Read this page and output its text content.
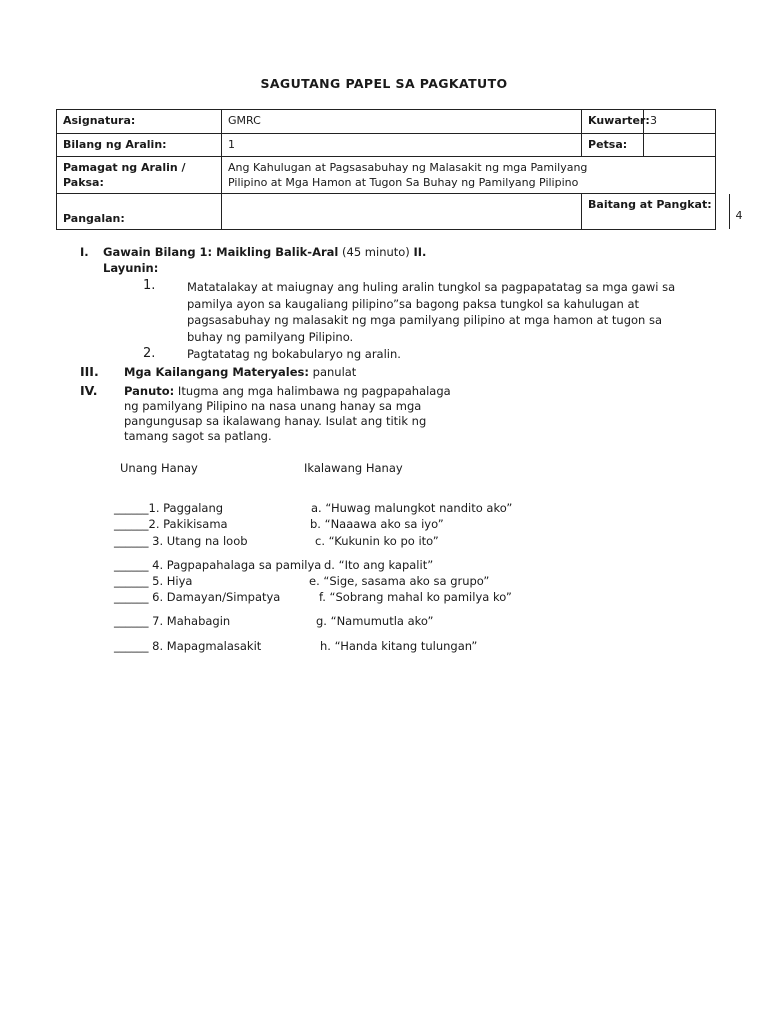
SAGUTANG PAPEL SA PAGKATUTO
Asignatura:	GMRC	Kuwarter:	3
Bilang ng Aralin:	1	Petsa:	
Pamagat ng Aralin / Paksa:	
Ang Kahulugan at Pagsasabuhay ng Malasakit ng mga Pamilyang
Pilipino at Mga Hamon at Tugon Sa Buhay ng Pamilyang Pilipino

Pangalan:		
Baitang at Pangkat:	4
I. Gawain Bilang 1: Maikling Balik-Aral (45 minuto) II.
Layunin:
1.	Matatalakay at maiugnay ang huling aralin tungkol sa pagpapatatag sa mga gawi sa pamilya ayon sa kaugaliang pilipino”sa bagong paksa tungkol sa kahulugan at pagsasabuhay ng malasakit ng mga pamilyang pilipino at mga hamon at tugon sa buhay ng pamilyang Pilipino.
2.	Pagtatatag ng bokabularyo ng aralin.
III. Mga Kailangang Materyales: panulat
IV. Panuto: Itugma ang mga halimbawa ng pagpapahalaga ng pamilyang Pilipino na nasa unang hanay sa mga pangungusap sa ikalawang hanay. Isulat ang titik ng tamang sagot sa patlang.
Unang Hanay	Ikalawang Hanay
______1. Paggalang	a. “Huwag malungkot nandito ako”
______2. Pakikisama	b. “Naaawa ako sa iyo”
______ 3. Utang na loob	c. “Kukunin ko po ito”
______ 4. Pagpapahalaga sa pamilya d. “Ito ang kapalit”
______ 5. Hiya	e. “Sige, sasama ako sa grupo”
______ 6. Damayan/Simpatya	f. “Sobrang mahal ko pamilya ko”
______ 7. Mahabagin	g. “Namumutla ako”
______ 8. Mapagmalasakit	h. “Handa kitang tulungan”
